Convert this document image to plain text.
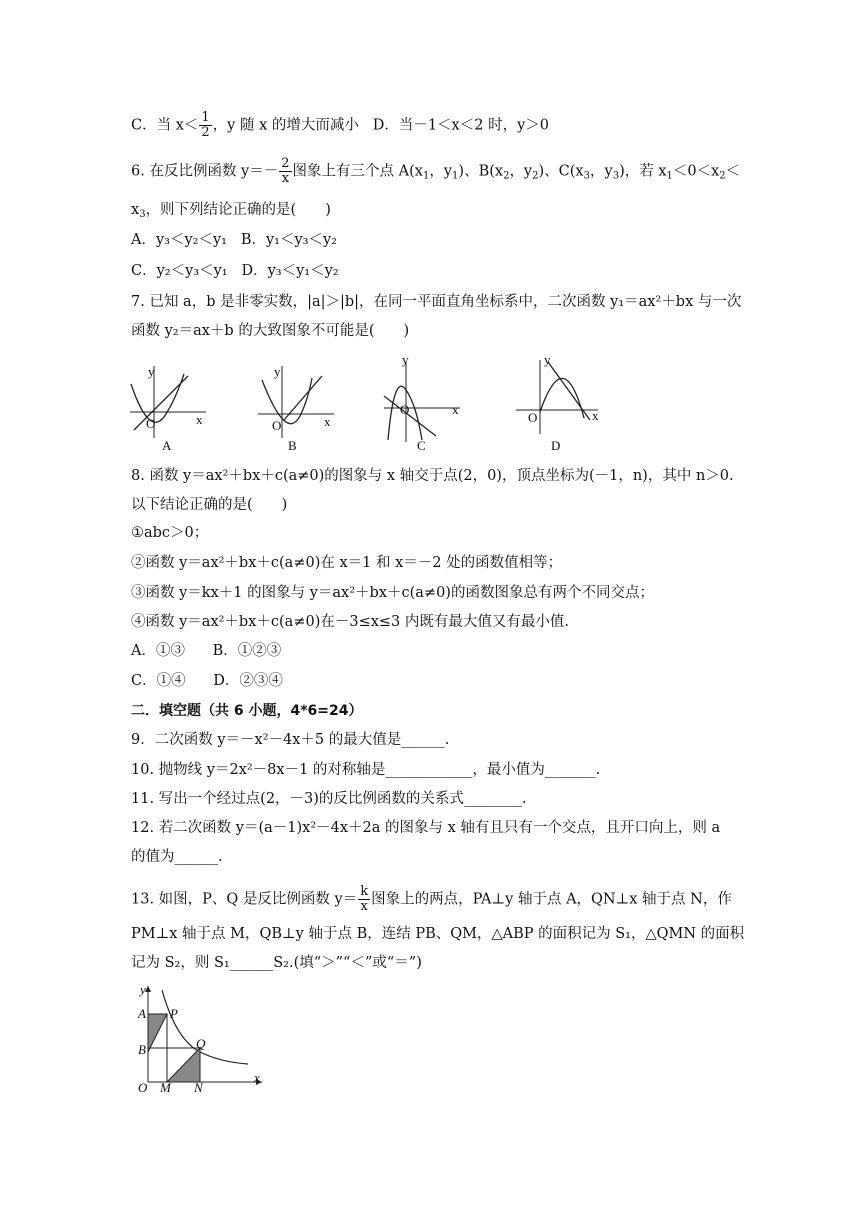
C．当 $x< \frac{1}{2}$ ，y 随 x 的增大而减小 D．当－1＜x＜2 时，y＞0
6. 在反比例函数 $y=- \frac{2}{x}$ 图象上有三个点 $A(x_1$，$y_1$)、$B(x_2$，$y_2$)、$C(x_3$，$y_3$)，若 $x_1<0<x_2<$
$x_3$，则下列结论正确的是(　　)
A．y₃＜y₂＜y₁ B．y₁＜y₃＜y₂
C．y₂＜y₃＜y₁ D．y₃＜y₁＜y₂
7. 已知 a，b 是非零实数，|a|＞|b|，在同一平面直角坐标系中，二次函数 y₁＝ax²＋bx 与一次
函数 y₂＝ax＋b 的大致图象不可能是(　　)
y
x
O
A
y
x
O
B
y
x
O
C
y
x
O
D
8. 函数 y＝ax²＋bx＋c(a≠0)的图象与 x 轴交于点(2，0)，顶点坐标为(－1，n)，其中 n＞0.
以下结论正确的是(　　)
①abc＞0；
②函数 y＝ax²＋bx＋c(a≠0)在 x＝1 和 x＝－2 处的函数值相等；
③函数 y＝kx＋1 的图象与 y＝ax²＋bx＋c(a≠0)的函数图象总有两个不同交点；
④函数 y＝ax²＋bx＋c(a≠0)在－3≤x≤3 内既有最大值又有最小值.
A．①③ B．①②③
C．①④ D．②③④
二．填空题（共 6 小题，4*6=24）
9．二次函数 y＝－x²－4x＋5 的最大值是______.
10. 抛物线 y＝2x²－8x－1 的对称轴是____________，最小值为_______.
11. 写出一个经过点(2，－3)的反比例函数的关系式________.
12. 若二次函数 y＝(a－1)x²－4x＋2a 的图象与 x 轴有且只有一个交点，且开口向上，则 a
的值为______.
13. 如图，P、Q 是反比例函数 $y= \frac{k}{x}$ 图象上的两点，PA⊥y 轴于点 A，QN⊥x 轴于点 N，作
PM⊥x 轴于点 M，QB⊥y 轴于点 B，连结 PB、QM，△ABP 的面积记为 S₁，△QMN 的面积
记为 S₂，则 S₁______S₂.(填“＞”“＜”或“＝”)
y
x
A P
B	Q
O M N
